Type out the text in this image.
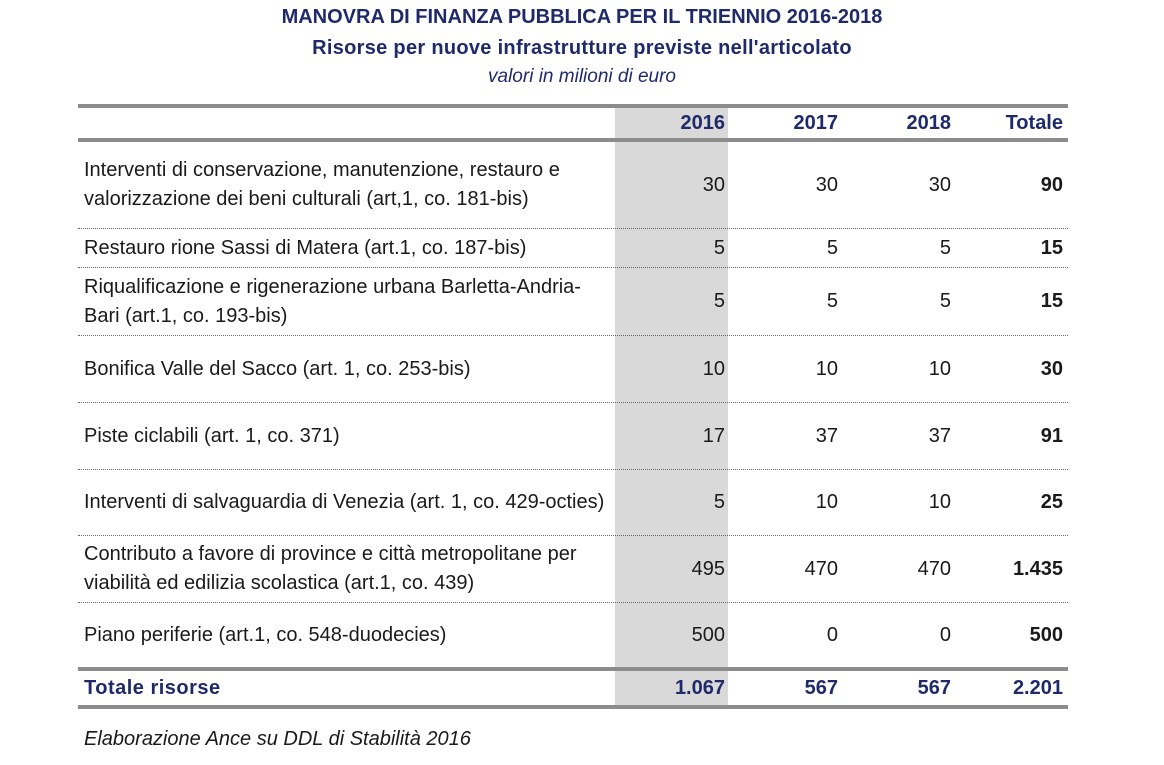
MANOVRA DI FINANZA PUBBLICA PER IL TRIENNIO 2016-2018
Risorse per nuove infrastrutture previste nell'articolato
valori in milioni di euro
2016	2017	2018	Totale
Interventi di conservazione, manutenzione, restauro e valorizzazione dei beni culturali (art,1, co. 181-bis)
30	30	30	90
Restauro rione Sassi di Matera (art.1, co. 187-bis)	5	5	5	15
Riqualificazione e rigenerazione urbana Barletta-Andria-Bari (art.1, co. 193-bis)
5	5	5	15
Bonifica Valle del Sacco (art. 1, co. 253-bis)	10	10	10	30
Piste ciclabili (art. 1, co. 371)	17	37	37	91
Interventi di salvaguardia di Venezia (art. 1, co. 429-octies)	5	10	10	25
Contributo a favore di province e città metropolitane per viabilità ed edilizia scolastica (art.1, co. 439)
495	470	470	1.435
Piano periferie (art.1, co. 548-duodecies)	500	0	0	500
Totale risorse	1.067	567	567	2.201
Elaborazione Ance su DDL di Stabilità 2016
